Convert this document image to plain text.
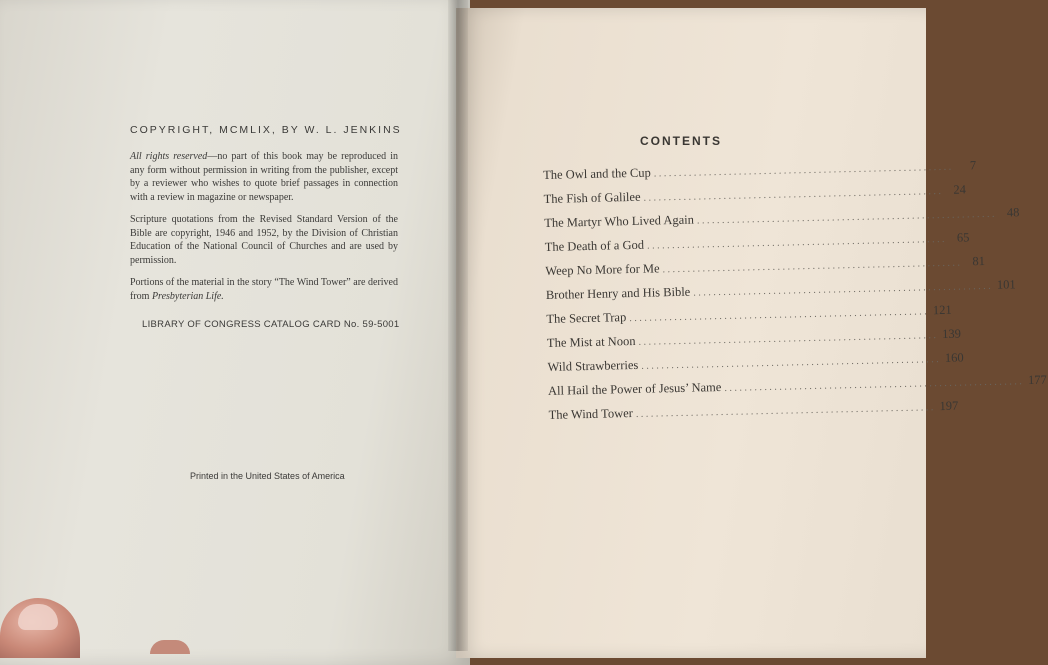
COPYRIGHT, MCMLIX, BY W. L. JENKINS

All rights reserved—no part of this book may be reproduced in any form without permission in writing from the publisher, except by a reviewer who wishes to quote brief passages in connection with a review in magazine or newspaper.

Scripture quotations from the Revised Standard Version of the Bible are copyright, 1946 and 1952, by the Division of Christian Education of the National Council of Churches and are used by permission.

Portions of the material in the story “The Wind Tower” are derived from Presbyterian Life.

LIBRARY OF CONGRESS CATALOG CARD No. 59-5001
Printed in the United States of America
CONTENTS
The Owl and the Cup . . . . . . . . . . . . . . . . . . . . . . . . . . . . . . . . . . . . . . . . . . . . . . . . . . . . . . . . . . . .	7
The Fish of Galilee . . . . . . . . . . . . . . . . . . . . . . . . . . . . . . . . . . . . . . . . . . . . . . . . . . . . . . . . . . . . 24
The Martyr Who Lived Again . . . . . . . . . . . . . . . . . . . . . . . . . . . . . . . . . . . . . . . . . . . . . . . . . . . . . . . . . . . . 48
The Death of a God . . . . . . . . . . . . . . . . . . . . . . . . . . . . . . . . . . . . . . . . . . . . . . . . . . . . . . . . . . . . 65
Weep No More for Me . . . . . . . . . . . . . . . . . . . . . . . . . . . . . . . . . . . . . . . . . . . . . . . . . . . . . . . . . . . . 81
Brother Henry and His Bible . . . . . . . . . . . . . . . . . . . . . . . . . . . . . . . . . . . . . . . . . . . . . . . . . . . . . . . . . . . . 101
The Secret Trap . . . . . . . . . . . . . . . . . . . . . . . . . . . . . . . . . . . . . . . . . . . . . . . . . . . . . . . . . . . . 121
The Mist at Noon . . . . . . . . . . . . . . . . . . . . . . . . . . . . . . . . . . . . . . . . . . . . . . . . . . . . . . . . . . . . 139
Wild Strawberries . . . . . . . . . . . . . . . . . . . . . . . . . . . . . . . . . . . . . . . . . . . . . . . . . . . . . . . . . . . . 160
All Hail the Power of Jesus’ Name . . . . . . . . . . . . . . . . . . . . . . . . . . . . . . . . . . . . . . . . . . . . . . . . . . . . . . . . . . . . 177
The Wind Tower . . . . . . . . . . . . . . . . . . . . . . . . . . . . . . . . . . . . . . . . . . . . . . . . . . . . . . . . . . . . 197
